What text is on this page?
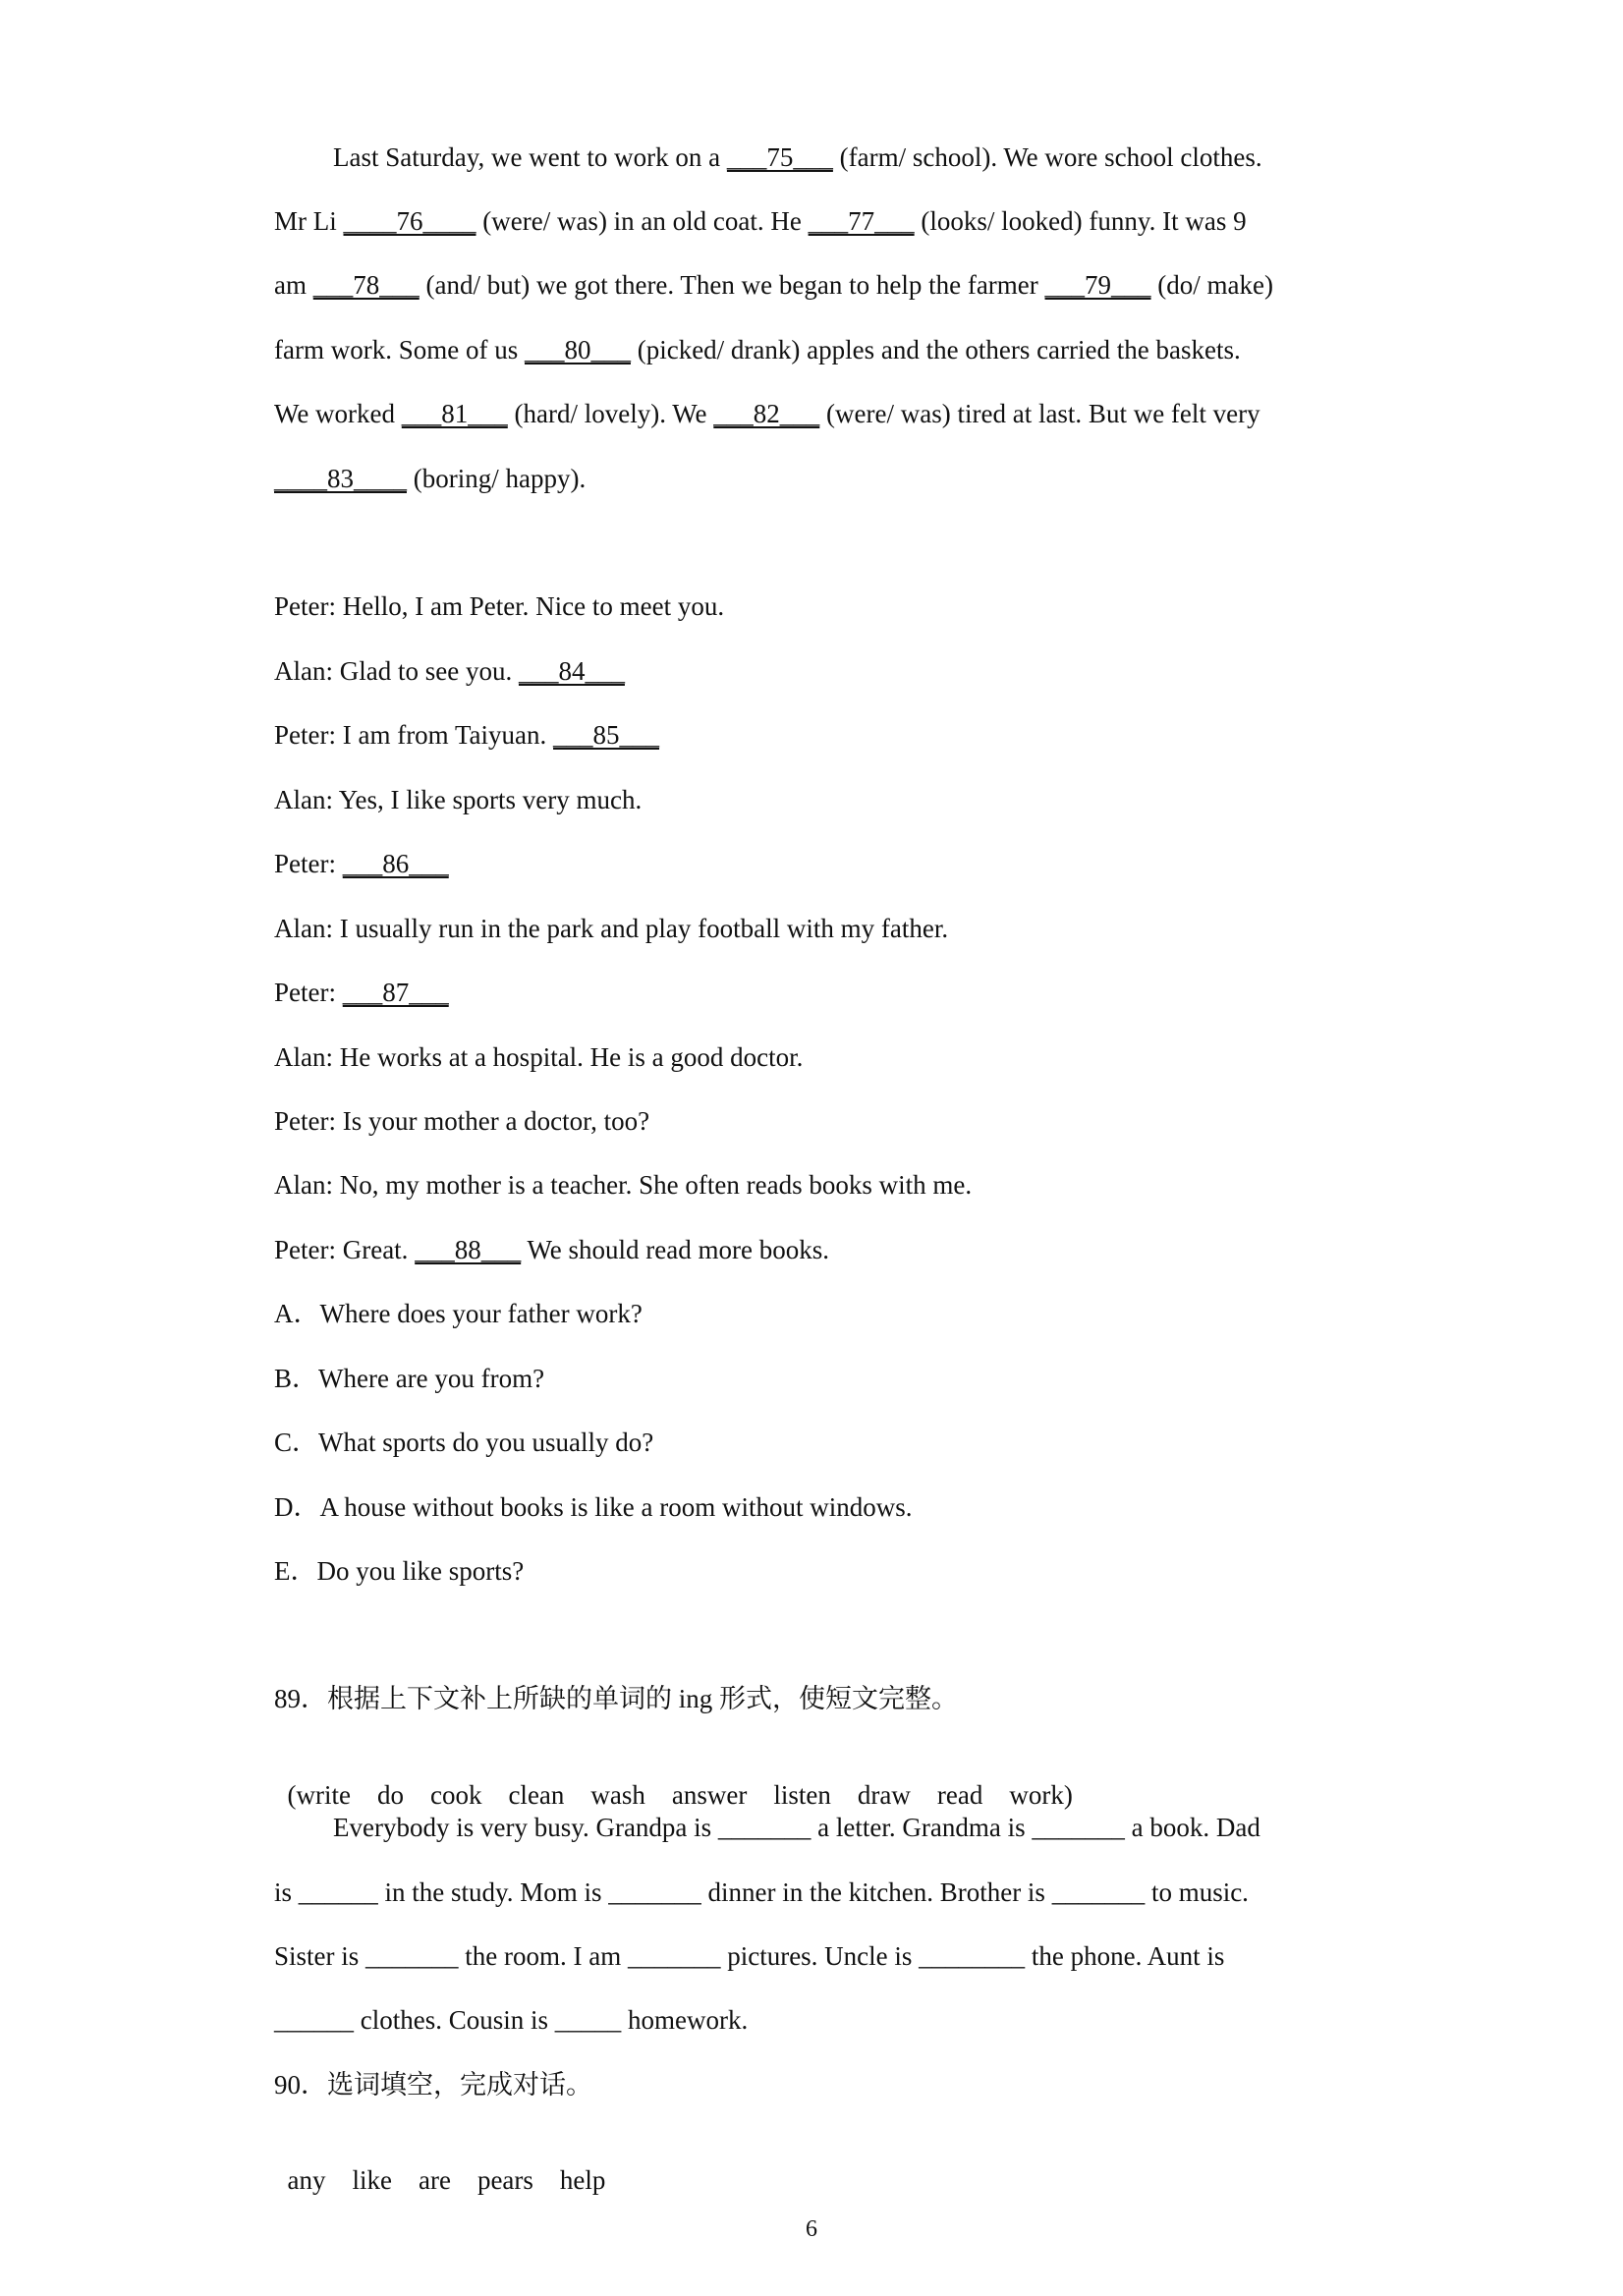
Last Saturday, we went to work on a ___75___ (farm/ school). We wore school clothes.
Mr Li ____76____ (were/ was) in an old coat. He ___77___ (looks/ looked) funny. It was 9
am ___78___ (and/ but) we got there. Then we began to help the farmer ___79___ (do/ make)
farm work. Some of us ___80___ (picked/ drank) apples and the others carried the baskets.
We worked ___81___ (hard/ lovely). We ___82___ (were/ was) tired at last. But we felt very
____83____ (boring/ happy).
Peter: Hello, I am Peter. Nice to meet you.
Alan: Glad to see you. ___84___
Peter: I am from Taiyuan. ___85___
Alan: Yes, I like sports very much.
Peter: ___86___
Alan: I usually run in the park and play football with my father.
Peter: ___87___
Alan: He works at a hospital. He is a good doctor.
Peter: Is your mother a doctor, too?
Alan: No, my mother is a teacher. She often reads books with me.
Peter: Great. ___88___ We should read more books.
A．Where does your father work?
B．Where are you from?
C．What sports do you usually do?
D．A house without books is like a room without windows.
E．Do you like sports?
89．根据上下文补上所缺的单词的 ing 形式，使短文完整。

(write do cook clean wash answer listen draw read work)

Everybody is very busy. Grandpa is _______ a letter. Grandma is _______ a book. Dad
is ______ in the study. Mom is _______ dinner in the kitchen. Brother is _______ to music.
Sister is _______ the room. I am _______ pictures. Uncle is ________ the phone. Aunt is
______ clothes. Cousin is _____ homework.
90．选词填空，完成对话。

any like are pears help

6
